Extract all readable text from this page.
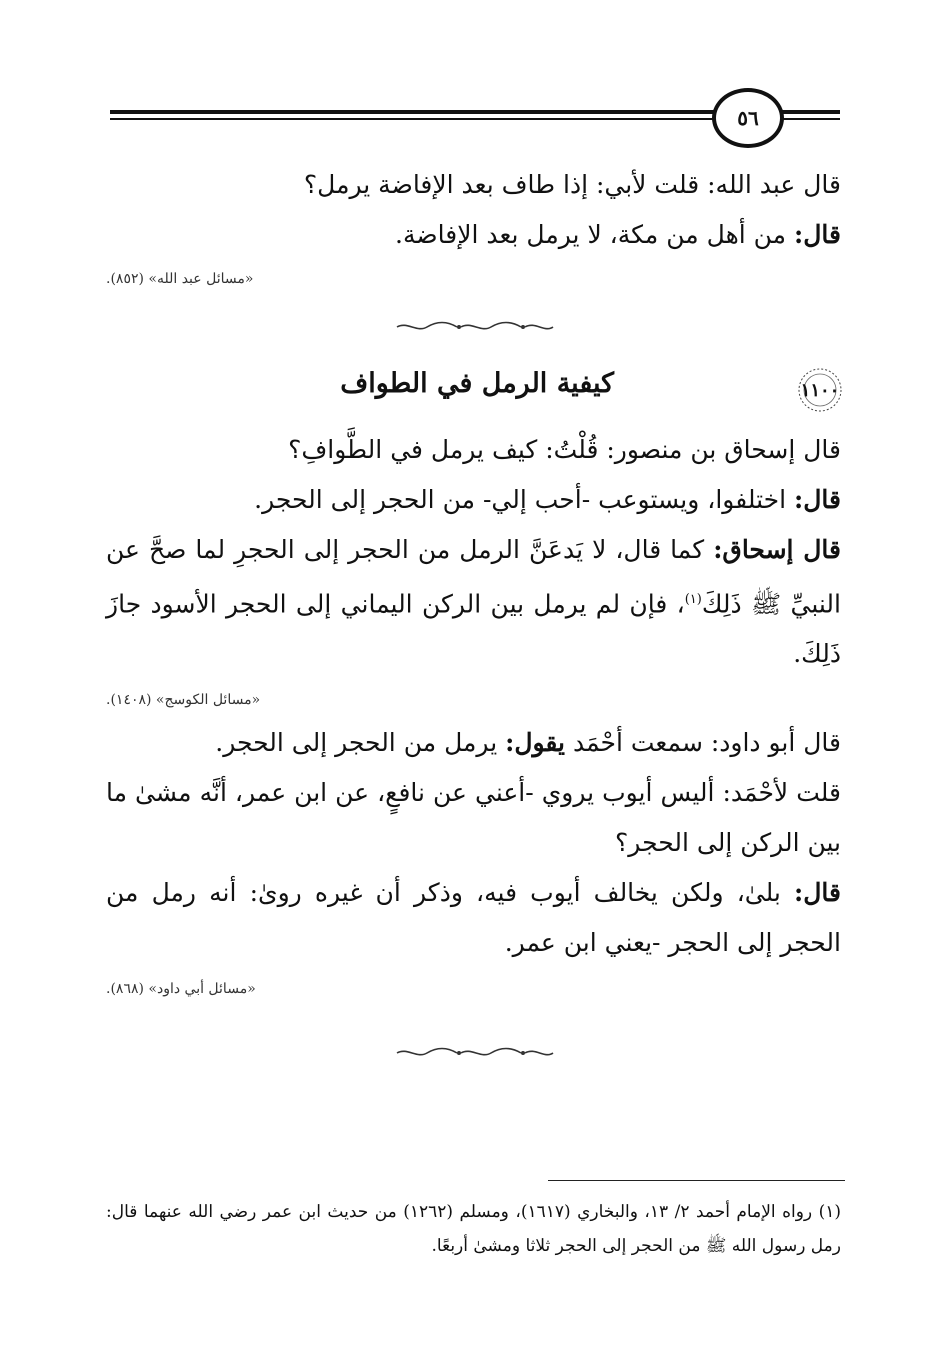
٥٦
قال عبد الله: قلت لأبي: إذا طاف بعد الإفاضة يرمل؟
قال: من أهل من مكة، لا يرمل بعد الإفاضة.
«مسائل عبد الله» (٨٥٢).
١١٠٠
كيفية الرمل في الطواف
قال إسحاق بن منصور: قُلْتُ: كيف يرمل في الطَّوافِ؟
قال: اختلفوا، ويستوعب -أحب إلي- من الحجر إلى الحجر.
قال إسحاق: كما قال، لا يَدعَنَّ الرمل من الحجر إلى الحجرِ لما صحَّ عن النبيِّ ﷺ ذَلِكَ$^{(١)}$، فإن لم يرمل بين الركن اليماني إلى الحجر الأسود جازَ ذَلِكَ.
«مسائل الكوسج» (١٤٠٨).
قال أبو داود: سمعت أحْمَد يقول: يرمل من الحجر إلى الحجر.
قلت لأحْمَد: أليس أيوب يروي -أعني عن نافعٍ، عن ابن عمر، أنَّه مشىٰ ما بين الركن إلى الحجر؟
قال: بلىٰ، ولكن يخالف أيوب فيه، وذكر أن غيره روىٰ: أنه رمل من الحجر إلى الحجر -يعني ابن عمر.
«مسائل أبي داود» (٨٦٨).
(١) رواه الإمام أحمد ٢/ ١٣، والبخاري (١٦١٧)، ومسلم (١٢٦٢) من حديث ابن عمر رضي الله عنهما قال: رمل رسول الله ﷺ من الحجر إلى الحجر ثلاثا ومشىٰ أربعًا.
